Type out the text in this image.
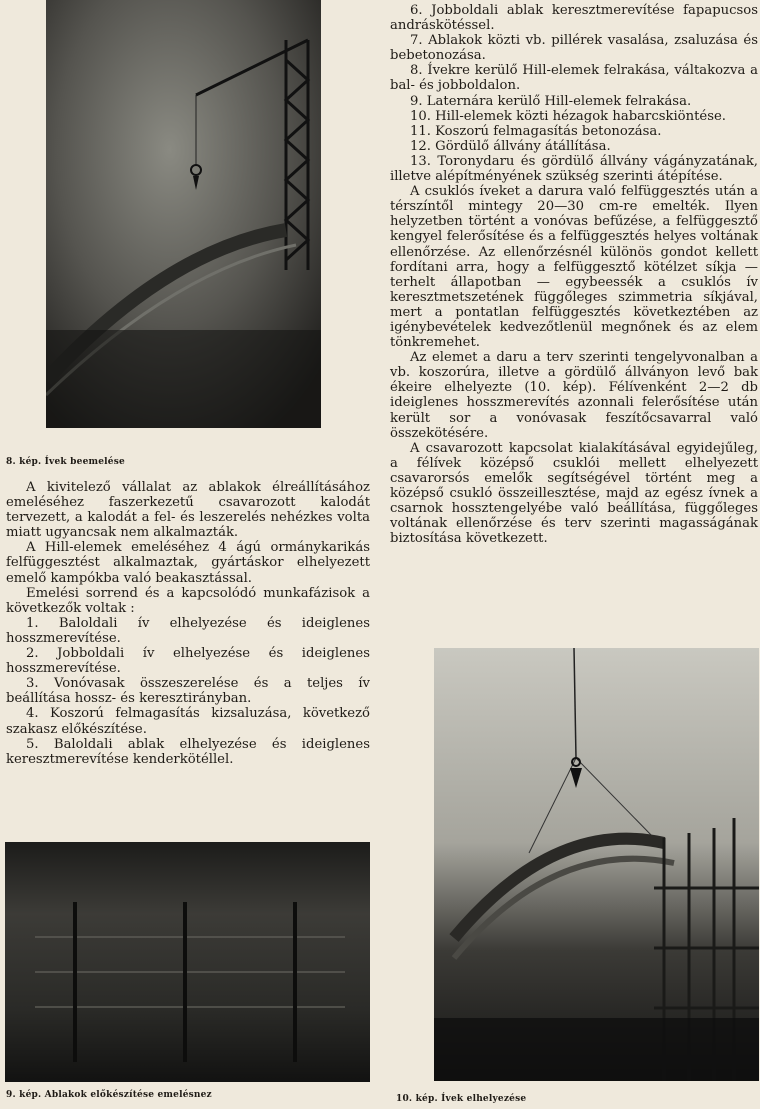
8. kép. Ívek beemelése
9. kép. Ablakok előkészítése emelésnez	10. kép. Ívek elhelyezése

A kivitelező vállalat az ablakok élreállításához emeléséhez faszerkezetű csavarozott kalodát tervezett, a kalodát a fel- és leszerelés nehézkes volta miatt ugyancsak nem alkalmazták.

A Hill-elemek emeléséhez 4 ágú ormánykarikás felfüggesztést alkalmaztak, gyártáskor elhelyezett emelő kampókba való beakasztással.

Emelési sorrend és a kapcsolódó munkafázisok a következők voltak :

1. Baloldali ív elhelyezése és ideiglenes hosszmerevítése.

2. Jobboldali ív elhelyezése és ideiglenes hosszmerevítése.

3. Vonóvasak összeszerelése és a teljes ív beállítása hossz- és keresztirányban.

4. Koszorú felmagasítás kizsaluzása, következő szakasz előkészítése.

5. Baloldali ablak elhelyezése és ideiglenes keresztmerevítése kenderkötéllel.

6. Jobboldali ablak keresztmerevítése fapapucsos andráskötéssel.

7. Ablakok közti vb. pillérek vasalása, zsaluzása és bebetonozása.

8. Ívekre kerülő Hill-elemek felrakása, váltakozva a bal- és jobboldalon.

9. Laternára kerülő Hill-elemek felrakása.

10. Hill-elemek közti hézagok habarcskiöntése.

11. Koszorú felmagasítás betonozása.

12. Gördülő állvány átállítása.

13. Toronydaru és gördülő állvány vágányzatának, illetve alépítményének szükség szerinti átépítése.

A csuklós íveket a darura való felfüggesztés után a térszíntől mintegy 20—30 cm-re emelték. Ilyen helyzetben történt a vonóvas befűzése, a felfüggesztő kengyel felerősítése és a felfüggesztés helyes voltának ellenőrzése. Az ellenőrzésnél különös gondot kellett fordítani arra, hogy a felfüggesztő kötélzet síkja — terhelt állapotban — egybeessék a csuklós ív keresztmetszetének függőleges szimmetria síkjával, mert a pontatlan felfüggesztés következtében az igénybevételek kedvezőtlenül megnőnek és az elem tönkremehet.

Az elemet a daru a terv szerinti tengelyvonalban a vb. koszorúra, illetve a gördülő állványon levő bak ékeire elhelyezte (10. kép). Félívenként 2—2 db ideiglenes hosszmerevítés azonnali felerősítése után került sor a vonóvasak feszítőcsavarral való összekötésére.

A csavarozott kapcsolat kialakításával egyidejűleg, a félívek középső csuklói mellett elhelyezett csavarorsós emelők segítségével történt meg a középső csukló összeillesztése, majd az egész ívnek a csarnok hossztengelyébe való beállítása, függőleges voltának ellenőrzése és terv szerinti magasságának biztosítása következett.
